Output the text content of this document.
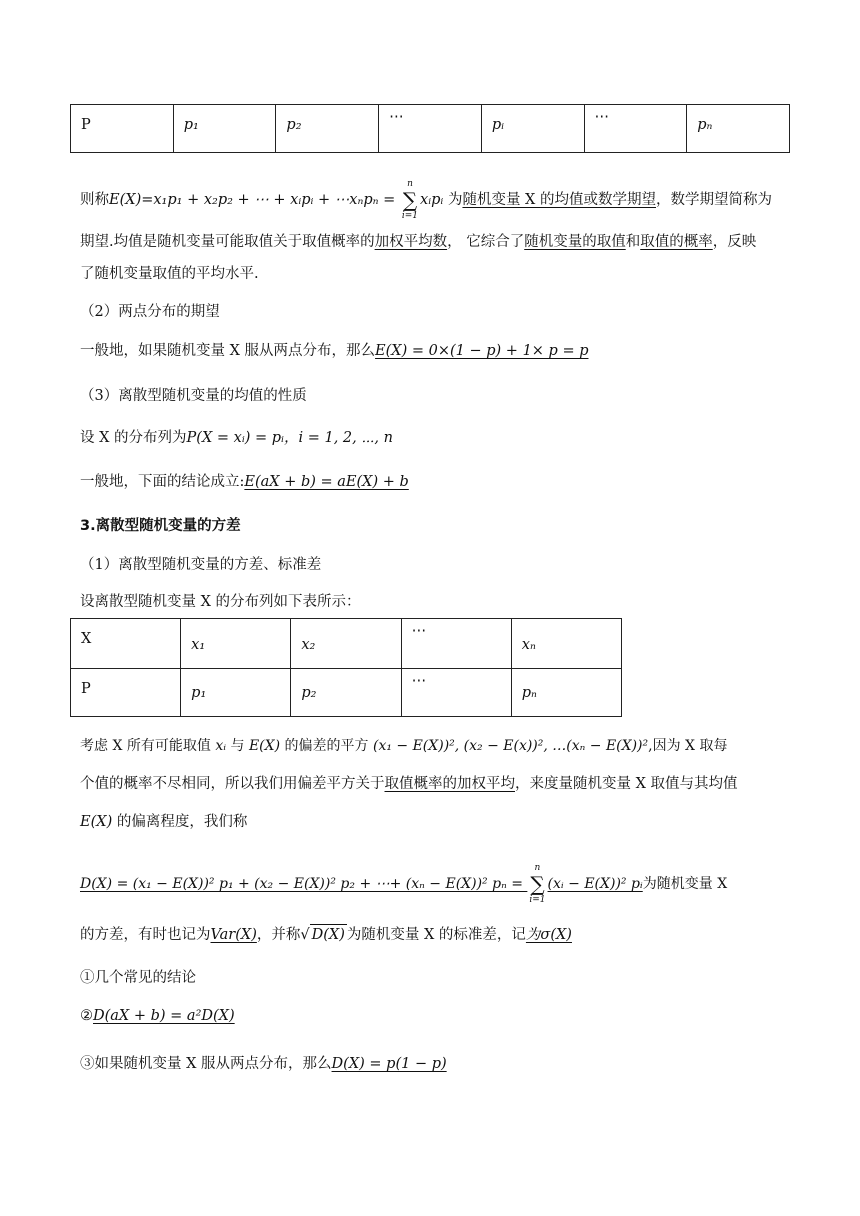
P	p₁	p₂	⋯	pᵢ	⋯	pₙ
则称E(X)=x₁p₁ + x₂p₂ + ⋯ + xᵢpᵢ + ⋯xₙpₙ =
n
∑
i=1
xᵢpᵢ 为随机变量 X 的均值或数学期望，数学期望简称为
期望.均值是随机变量可能取值关于取值概率的加权平均数， 它综合了随机变量的取值和取值的概率，反映
了随机变量取值的平均水平.
（2）两点分布的期望
一般地，如果随机变量 X 服从两点分布，那么E(X) = 0×(1 − p) + 1× p = p
（3）离散型随机变量的均值的性质
设 X 的分布列为P(X = xᵢ) = pᵢ，i = 1, 2, ⋯, n
一般地，下面的结论成立:E(aX + b) = aE(X) + b
3.离散型随机变量的方差
（1）离散型随机变量的方差、标准差
设离散型随机变量 X 的分布列如下表所示：
X	x₁	x₂	⋯	xₙ
P	p₁	p₂	⋯	pₙ
考虑 X 所有可能取值 xᵢ 与 E(X) 的偏差的平方 (x₁ − E(X))², (x₂ − E(x))², …(xₙ − E(X))²,因为 X 取每
个值的概率不尽相同，所以我们用偏差平方关于取值概率的加权平均，来度量随机变量 X 取值与其均值
E(X) 的偏离程度，我们称
D(X) = (x₁ − E(X))² p₁ + (x₂ − E(X))² p₂ + ⋯+ (xₙ − E(X))² pₙ =
n
∑
i=1
(xᵢ − E(X))² pᵢ为随机变量 X
的方差，有时也记为Var(X)，并称√ D(X) 为随机变量 X 的标准差，记为σ(X)
①几个常见的结论
②D(aX + b) = a²D(X)
③如果随机变量 X 服从两点分布，那么D(X) = p(1 − p)
